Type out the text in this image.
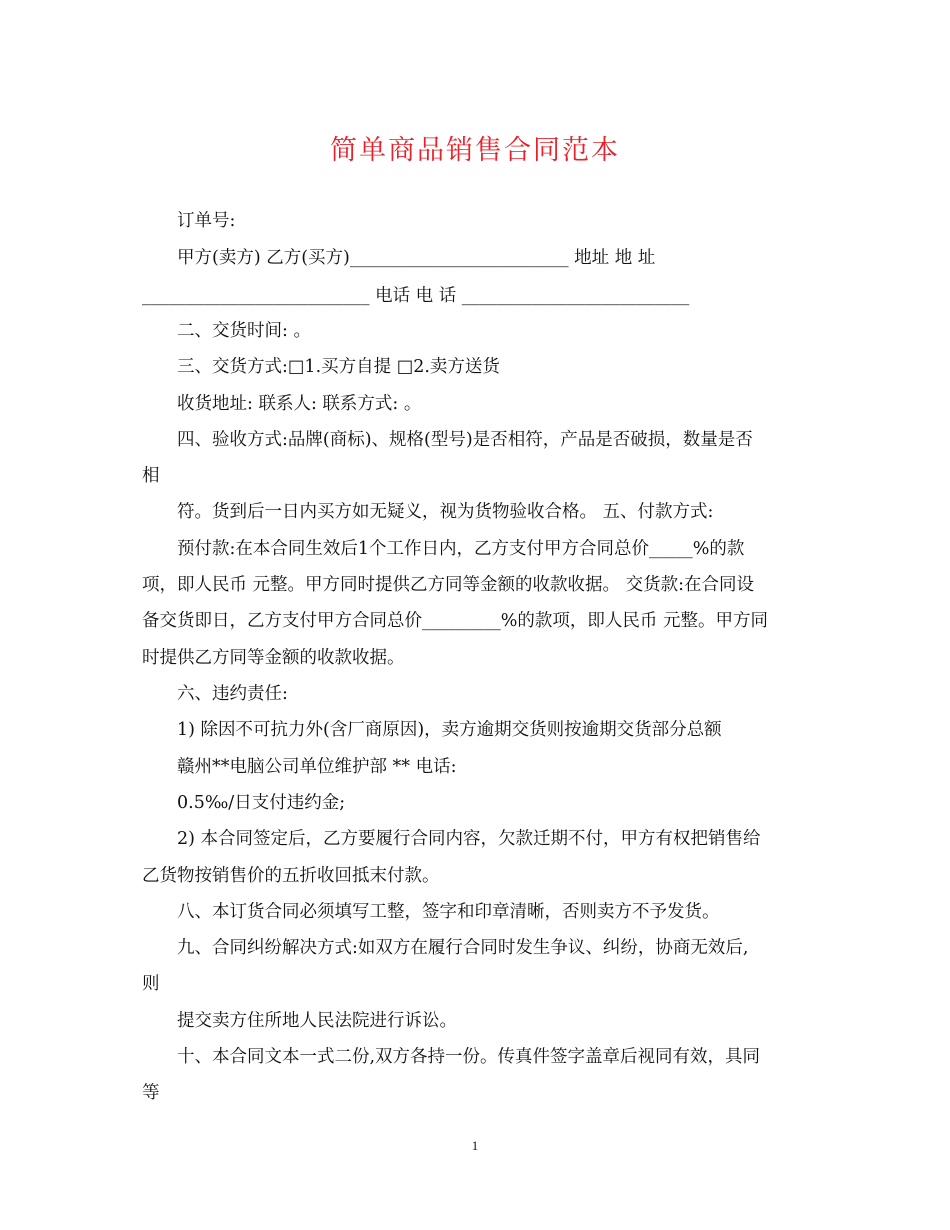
简单商品销售合同范本
订单号:
甲方(卖方) 乙方(买方)_________________________ 地址 地 址
__________________________ 电话 电 话 __________________________
二、交货时间: 。
三、交货方式:□1.买方自提 □2.卖方送货
收货地址: 联系人: 联系方式: 。
四、验收方式:品牌(商标)、规格(型号)是否相符，产品是否破损，数量是否
相
符。货到后一日内买方如无疑义，视为货物验收合格。 五、付款方式:
预付款:在本合同生效后1个工作日内，乙方支付甲方合同总价_____%的款
项，即人民币 元整。甲方同时提供乙方同等金额的收款收据。 交货款:在合同设
备交货即日，乙方支付甲方合同总价_________%的款项，即人民币 元整。甲方同
时提供乙方同等金额的收款收据。
六、违约责任:
1) 除因不可抗力外(含厂商原因)，卖方逾期交货则按逾期交货部分总额
赣州**电脑公司单位维护部 ** 电话:
0.5‰/日支付违约金;
2) 本合同签定后，乙方要履行合同内容，欠款迁期不付，甲方有权把销售给
乙货物按销售价的五折收回抵末付款。
八、本订货合同必须填写工整，签字和印章清晰，否则卖方不予发货。
九、合同纠纷解决方式:如双方在履行合同时发生争议、纠纷，协商无效后,
则
提交卖方住所地人民法院进行诉讼。
十、本合同文本一式二份,双方各持一份。传真件签字盖章后视同有效，具同
等
1
